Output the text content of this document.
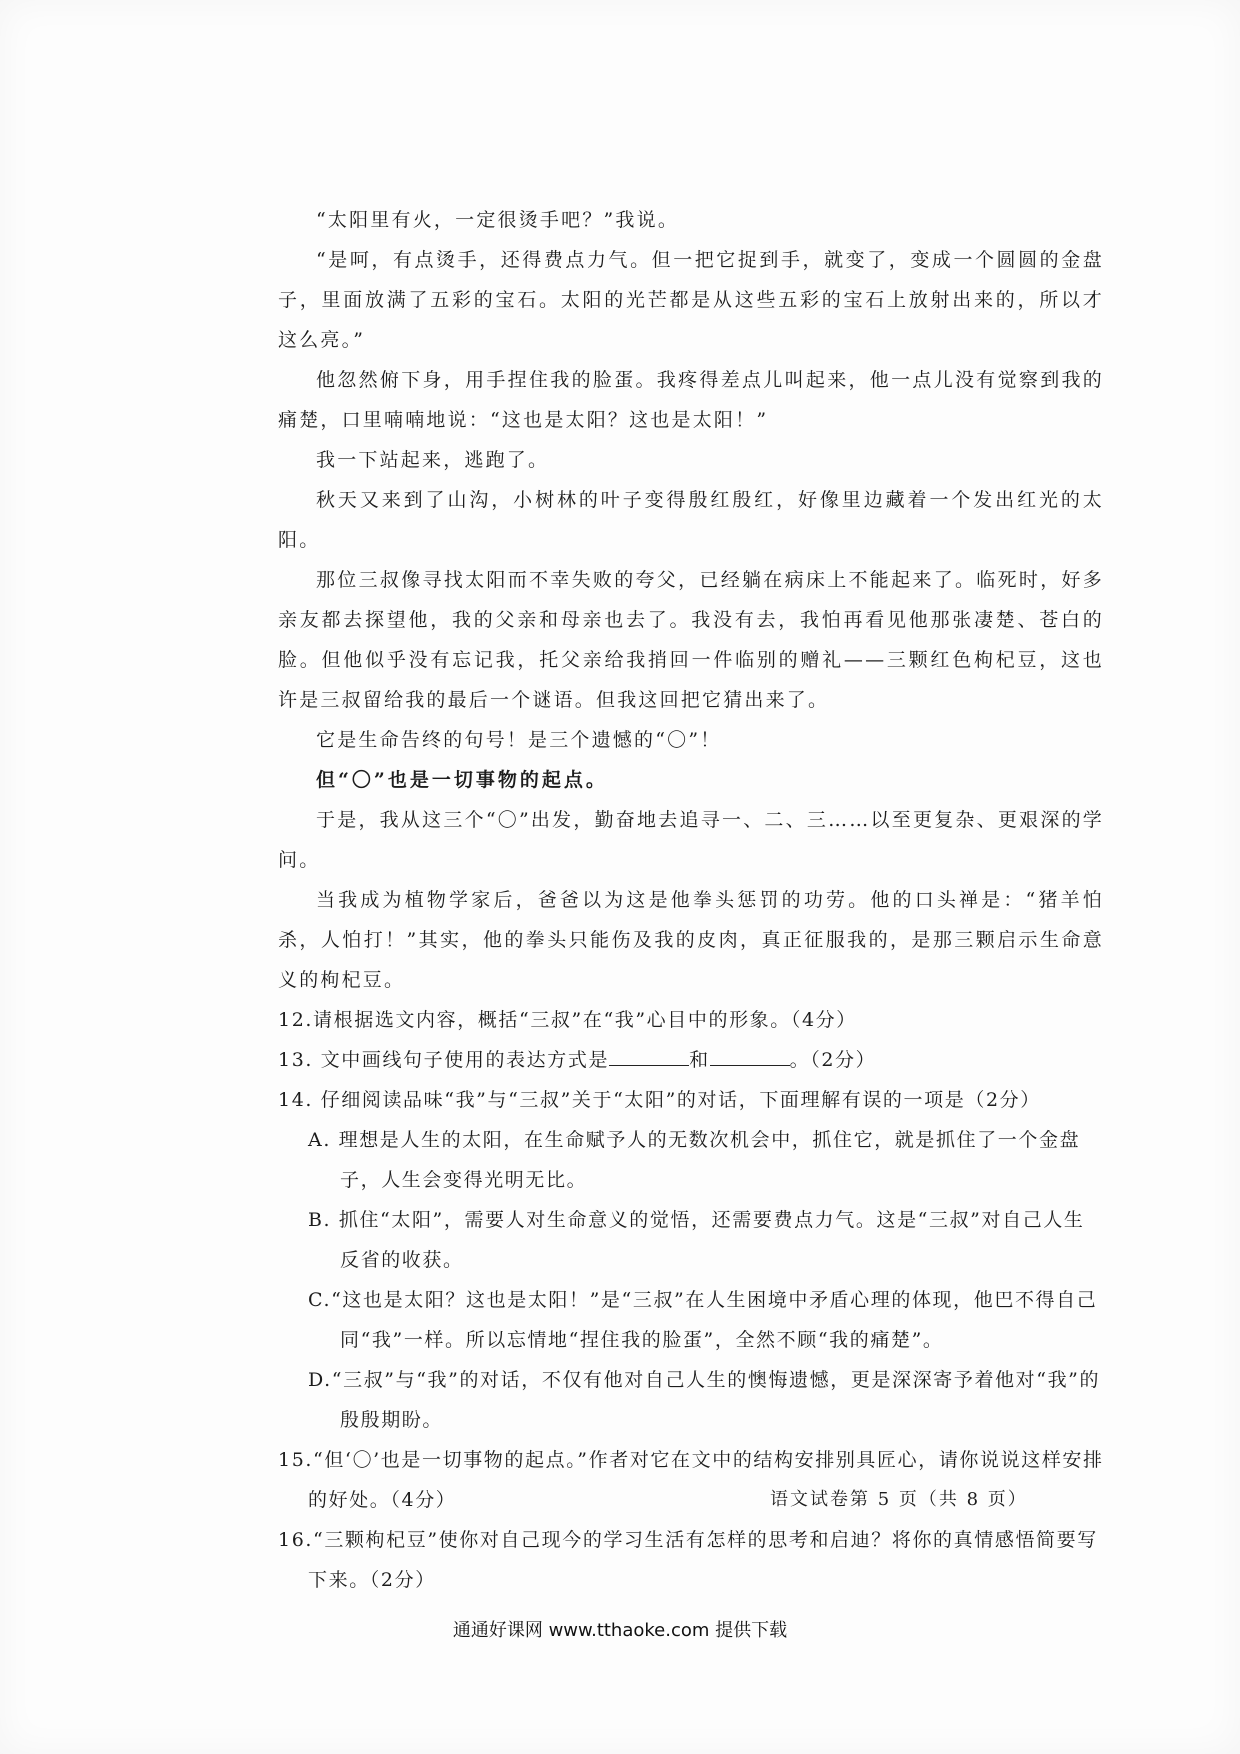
“太阳里有火，一定很烫手吧？”我说。

“是呵，有点烫手，还得费点力气。但一把它捉到手，就变了，变成一个圆圆的金盘子，里面放满了五彩的宝石。太阳的光芒都是从这些五彩的宝石上放射出来的，所以才这么亮。”

他忽然俯下身，用手捏住我的脸蛋。我疼得差点儿叫起来，他一点儿没有觉察到我的痛楚，口里喃喃地说：“这也是太阳？这也是太阳！”

我一下站起来，逃跑了。

秋天又来到了山沟，小树林的叶子变得殷红殷红，好像里边藏着一个发出红光的太阳。

那位三叔像寻找太阳而不幸失败的夸父，已经躺在病床上不能起来了。临死时，好多亲友都去探望他，我的父亲和母亲也去了。我没有去，我怕再看见他那张凄楚、苍白的脸。但他似乎没有忘记我，托父亲给我捎回一件临别的赠礼——三颗红色枸杞豆，这也许是三叔留给我的最后一个谜语。但我这回把它猜出来了。

它是生命告终的句号！是三个遗憾的“〇”！

但“〇”也是一切事物的起点。

于是，我从这三个“〇”出发，勤奋地去追寻一、二、三……以至更复杂、更艰深的学问。

当我成为植物学家后，爸爸以为这是他拳头惩罚的功劳。他的口头禅是：“猪羊怕杀，人怕打！”其实，他的拳头只能伤及我的皮肉，真正征服我的，是那三颗启示生命意义的枸杞豆。

12.请根据选文内容，概括“三叔”在“我”心目中的形象。（4分）

13. 文中画线句子使用的表达方式是	和	。（2分）

14. 仔细阅读品味“我”与“三叔”关于“太阳”的对话，下面理解有误的一项是（2分）

A. 理想是人生的太阳，在生命赋予人的无数次机会中，抓住它，就是抓住了一个金盘子，人生会变得光明无比。

B. 抓住“太阳”，需要人对生命意义的觉悟，还需要费点力气。这是“三叔”对自己人生反省的收获。

C.“这也是太阳？这也是太阳！”是“三叔”在人生困境中矛盾心理的体现，他巴不得自己同“我”一样。所以忘情地“捏住我的脸蛋”，全然不顾“我的痛楚”。

D.“三叔”与“我”的对话，不仅有他对自己人生的懊悔遗憾，更是深深寄予着他对“我”的殷殷期盼。

15.“但‘〇’也是一切事物的起点。”作者对它在文中的结构安排别具匠心，请你说说这样安排的好处。（4分）

16.“三颗枸杞豆”使你对自己现今的学习生活有怎样的思考和启迪？将你的真情感悟简要写下来。（2分）

语文试卷第 5 页（共 8 页）
通通好课网 www.tthaoke.com 提供下载
